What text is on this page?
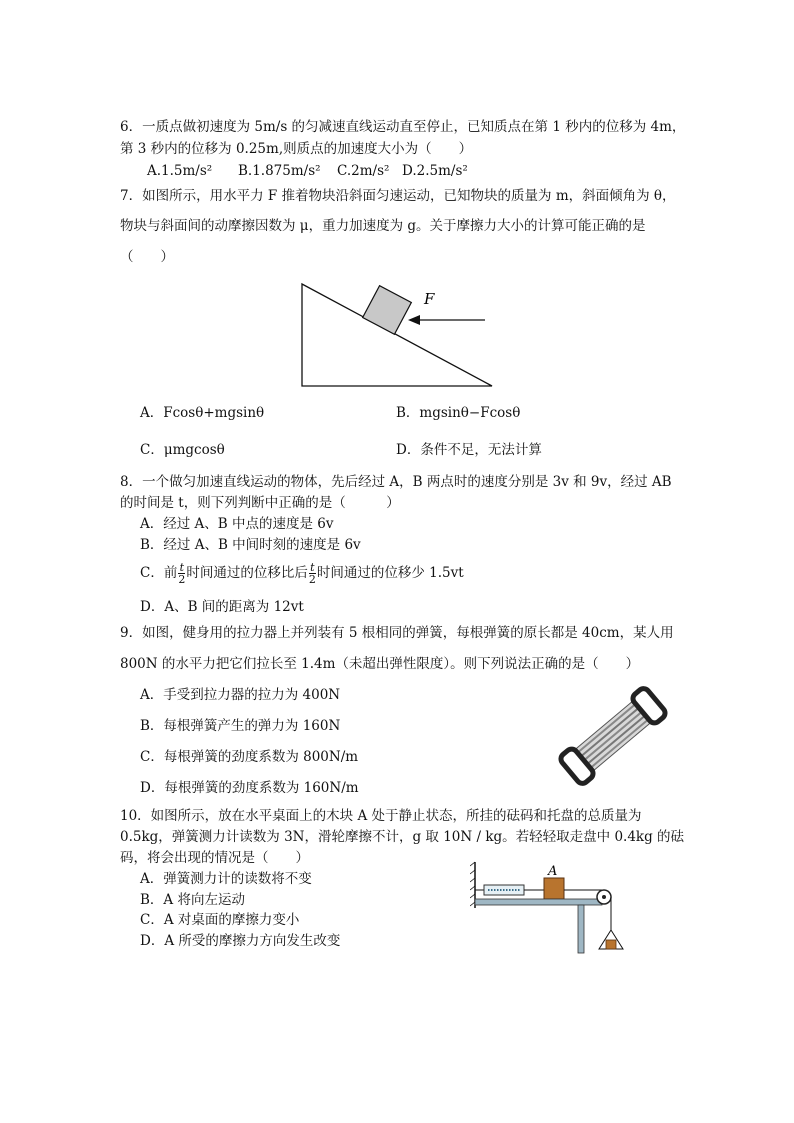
6．一质点做初速度为 5m/s 的匀减速直线运动直至停止，已知质点在第 1 秒内的位移为 4m，
第 3 秒内的位移为 0.25m,则质点的加速度大小为（　　）
A.1.5m/s² B.1.875m/s² C.2m/s² D.2.5m/s²
7．如图所示，用水平力 F 推着物块沿斜面匀速运动，已知物块的质量为 m，斜面倾角为 θ，
物块与斜面间的动摩擦因数为 μ，重力加速度为 g。关于摩擦力大小的计算可能正确的是
（　　）
F
A．Fcosθ+mgsinθ	B．mgsinθ−Fcosθ
C．μmgcosθ	D．条件不足，无法计算
8．一个做匀加速直线运动的物体，先后经过 A，B 两点时的速度分别是 3v 和 9v，经过 AB
的时间是 t，则下列判断中正确的是（　　　）
A．经过 A、B 中点的速度是 6v
B．经过 A、B 中间时刻的速度是 6v
C．前 $\frac{t}{2}$ 时间通过的位移比后 $\frac{t}{2}$ 时间通过的位移少 1.5vt
D．A、B 间的距离为 12vt
9．如图，健身用的拉力器上并列装有 5 根相同的弹簧，每根弹簧的原长都是 40cm，某人用
800N 的水平力把它们拉长至 1.4m（未超出弹性限度）。则下列说法正确的是（　　）
A．手受到拉力器的拉力为 400N
B．每根弹簧产生的弹力为 160N
C．每根弹簧的劲度系数为 800N/m
D．每根弹簧的劲度系数为 160N/m
10．如图所示，放在水平桌面上的木块 A 处于静止状态，所挂的砝码和托盘的总质量为
0.5kg，弹簧测力计读数为 3N，滑轮摩擦不计，g 取 10N / kg。若轻轻取走盘中 0.4kg 的砝
码，将会出现的情况是（　　）
A．弹簧测力计的读数将不变
B．A 将向左运动
C．A 对桌面的摩擦力变小
D．A 所受的摩擦力方向发生改变
A
